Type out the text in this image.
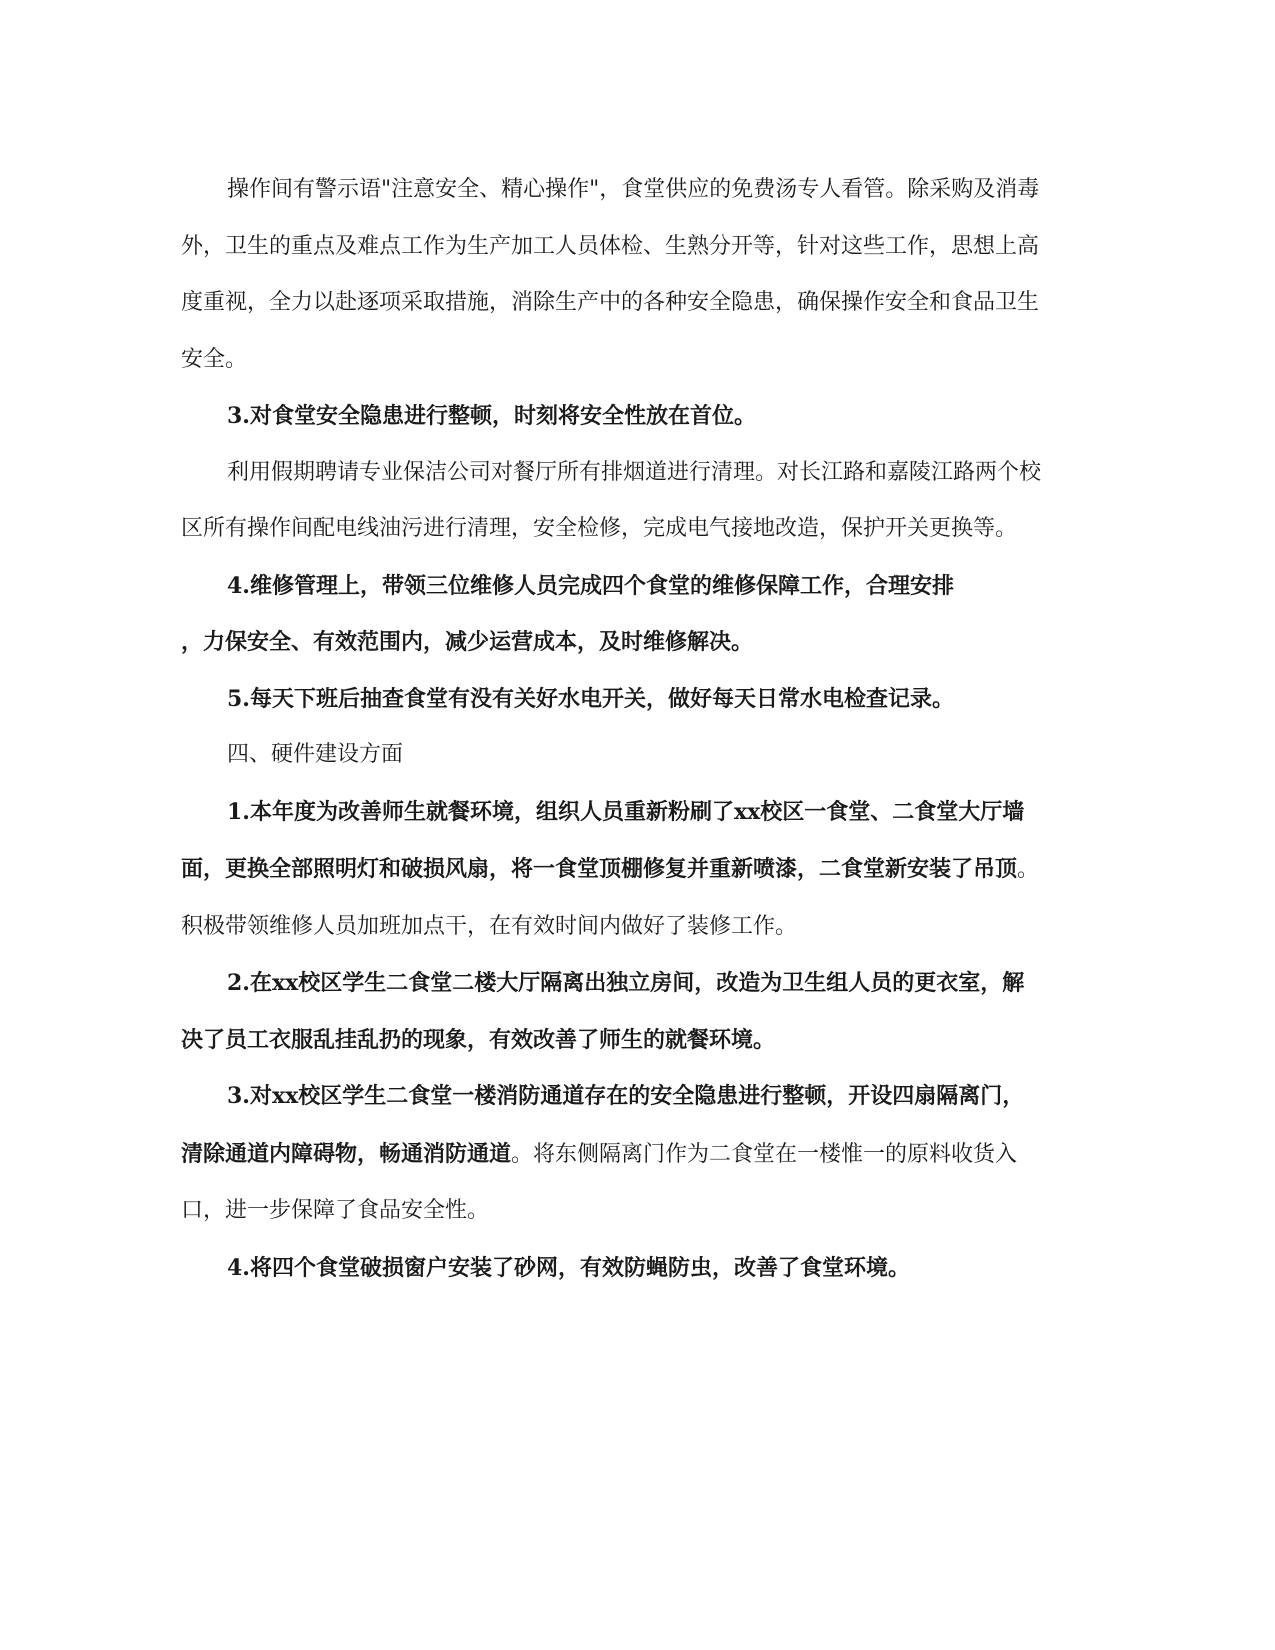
操作间有警示语"注意安全、精心操作"，食堂供应的免费汤专人看管。除采购及消毒外，卫生的重点及难点工作为生产加工人员体检、生熟分开等，针对这些工作，思想上高度重视，全力以赴逐项采取措施，消除生产中的各种安全隐患，确保操作安全和食品卫生安全。

3.对食堂安全隐患进行整顿，时刻将安全性放在首位。

利用假期聘请专业保洁公司对餐厅所有排烟道进行清理。对长江路和嘉陵江路两个校区所有操作间配电线油污进行清理，安全检修，完成电气接地改造，保护开关更换等。

4.维修管理上，带领三位维修人员完成四个食堂的维修保障工作，合理安排

，力保安全、有效范围内，减少运营成本，及时维修解决。

5.每天下班后抽查食堂有没有关好水电开关，做好每天日常水电检查记录。

四、硬件建设方面

1.本年度为改善师生就餐环境，组织人员重新粉刷了xx校区一食堂、二食堂大厅墙面，更换全部照明灯和破损风扇，将一食堂顶棚修复并重新喷漆，二食堂新安装了吊顶。积极带领维修人员加班加点干，在有效时间内做好了装修工作。

2.在xx校区学生二食堂二楼大厅隔离出独立房间，改造为卫生组人员的更衣室，解决了员工衣服乱挂乱扔的现象，有效改善了师生的就餐环境。

3.对xx校区学生二食堂一楼消防通道存在的安全隐患进行整顿，开设四扇隔离门，清除通道内障碍物，畅通消防通道。将东侧隔离门作为二食堂在一楼惟一的原料收货入口，进一步保障了食品安全性。

4.将四个食堂破损窗户安装了砂网，有效防蝇防虫，改善了食堂环境。
